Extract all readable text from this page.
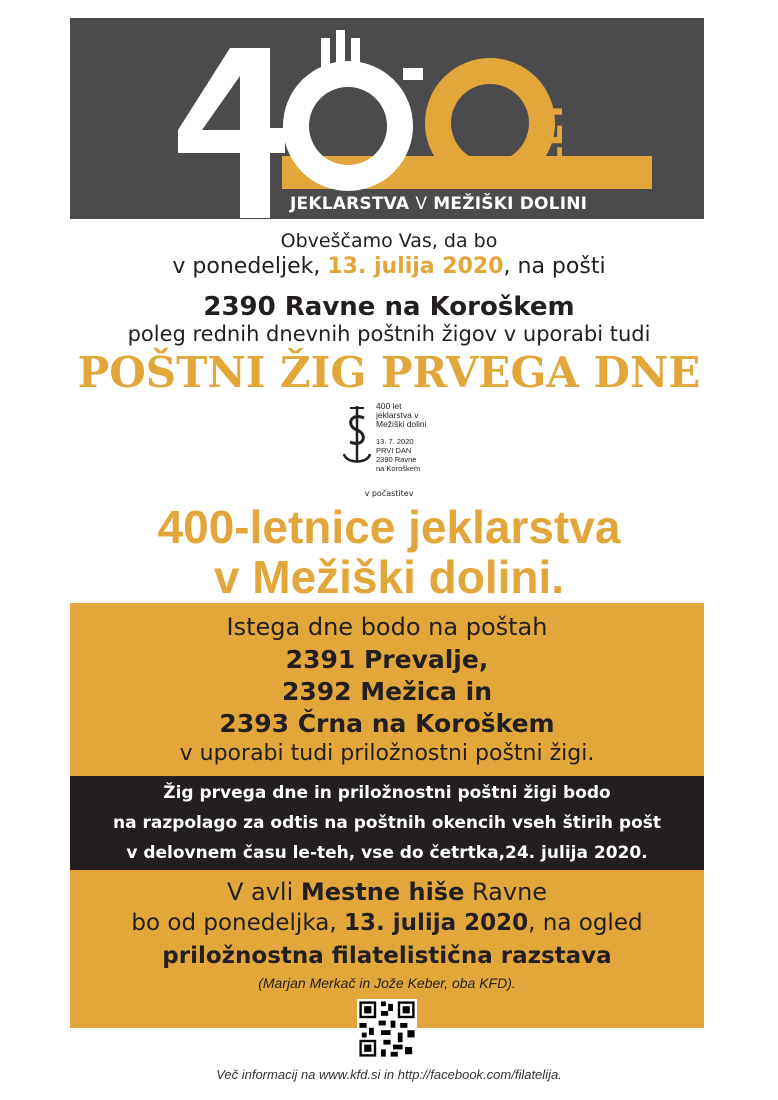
LET
JEKLARSTVA V MEŽIŠKI DOLINI
Obveščamo Vas, da bo
v ponedeljek, 13. julija 2020, na pošti
2390 Ravne na Koroškem
poleg rednih dnevnih poštnih žigov v uporabi tudi
POŠTNI ŽIG PRVEGA DNE
400 let
jeklarstva v
Mežiški dolini
13. 7. 2020
PRVI DAN
2390 Ravne
na Koroškem
v počastitev
400-letnice jeklarstva
v Mežiški dolini.
Istega dne bodo na poštah
2391 Prevalje,
2392 Mežica in
2393 Črna na Koroškem
v uporabi tudi priložnostni poštni žigi.
Žig prvega dne in priložnostni poštni žigi bodo
na razpolago za odtis na poštnih okencih vseh štirih pošt
v delovnem času le-teh, vse do četrtka,24. julija 2020.
V avli Mestne hiše Ravne
bo od ponedeljka, 13. julija 2020, na ogled
priložnostna filatelistična razstava
(Marjan Merkač in Jože Keber, oba KFD).
Več informacij na www.kfd.si in http://facebook.com/filatelija.
